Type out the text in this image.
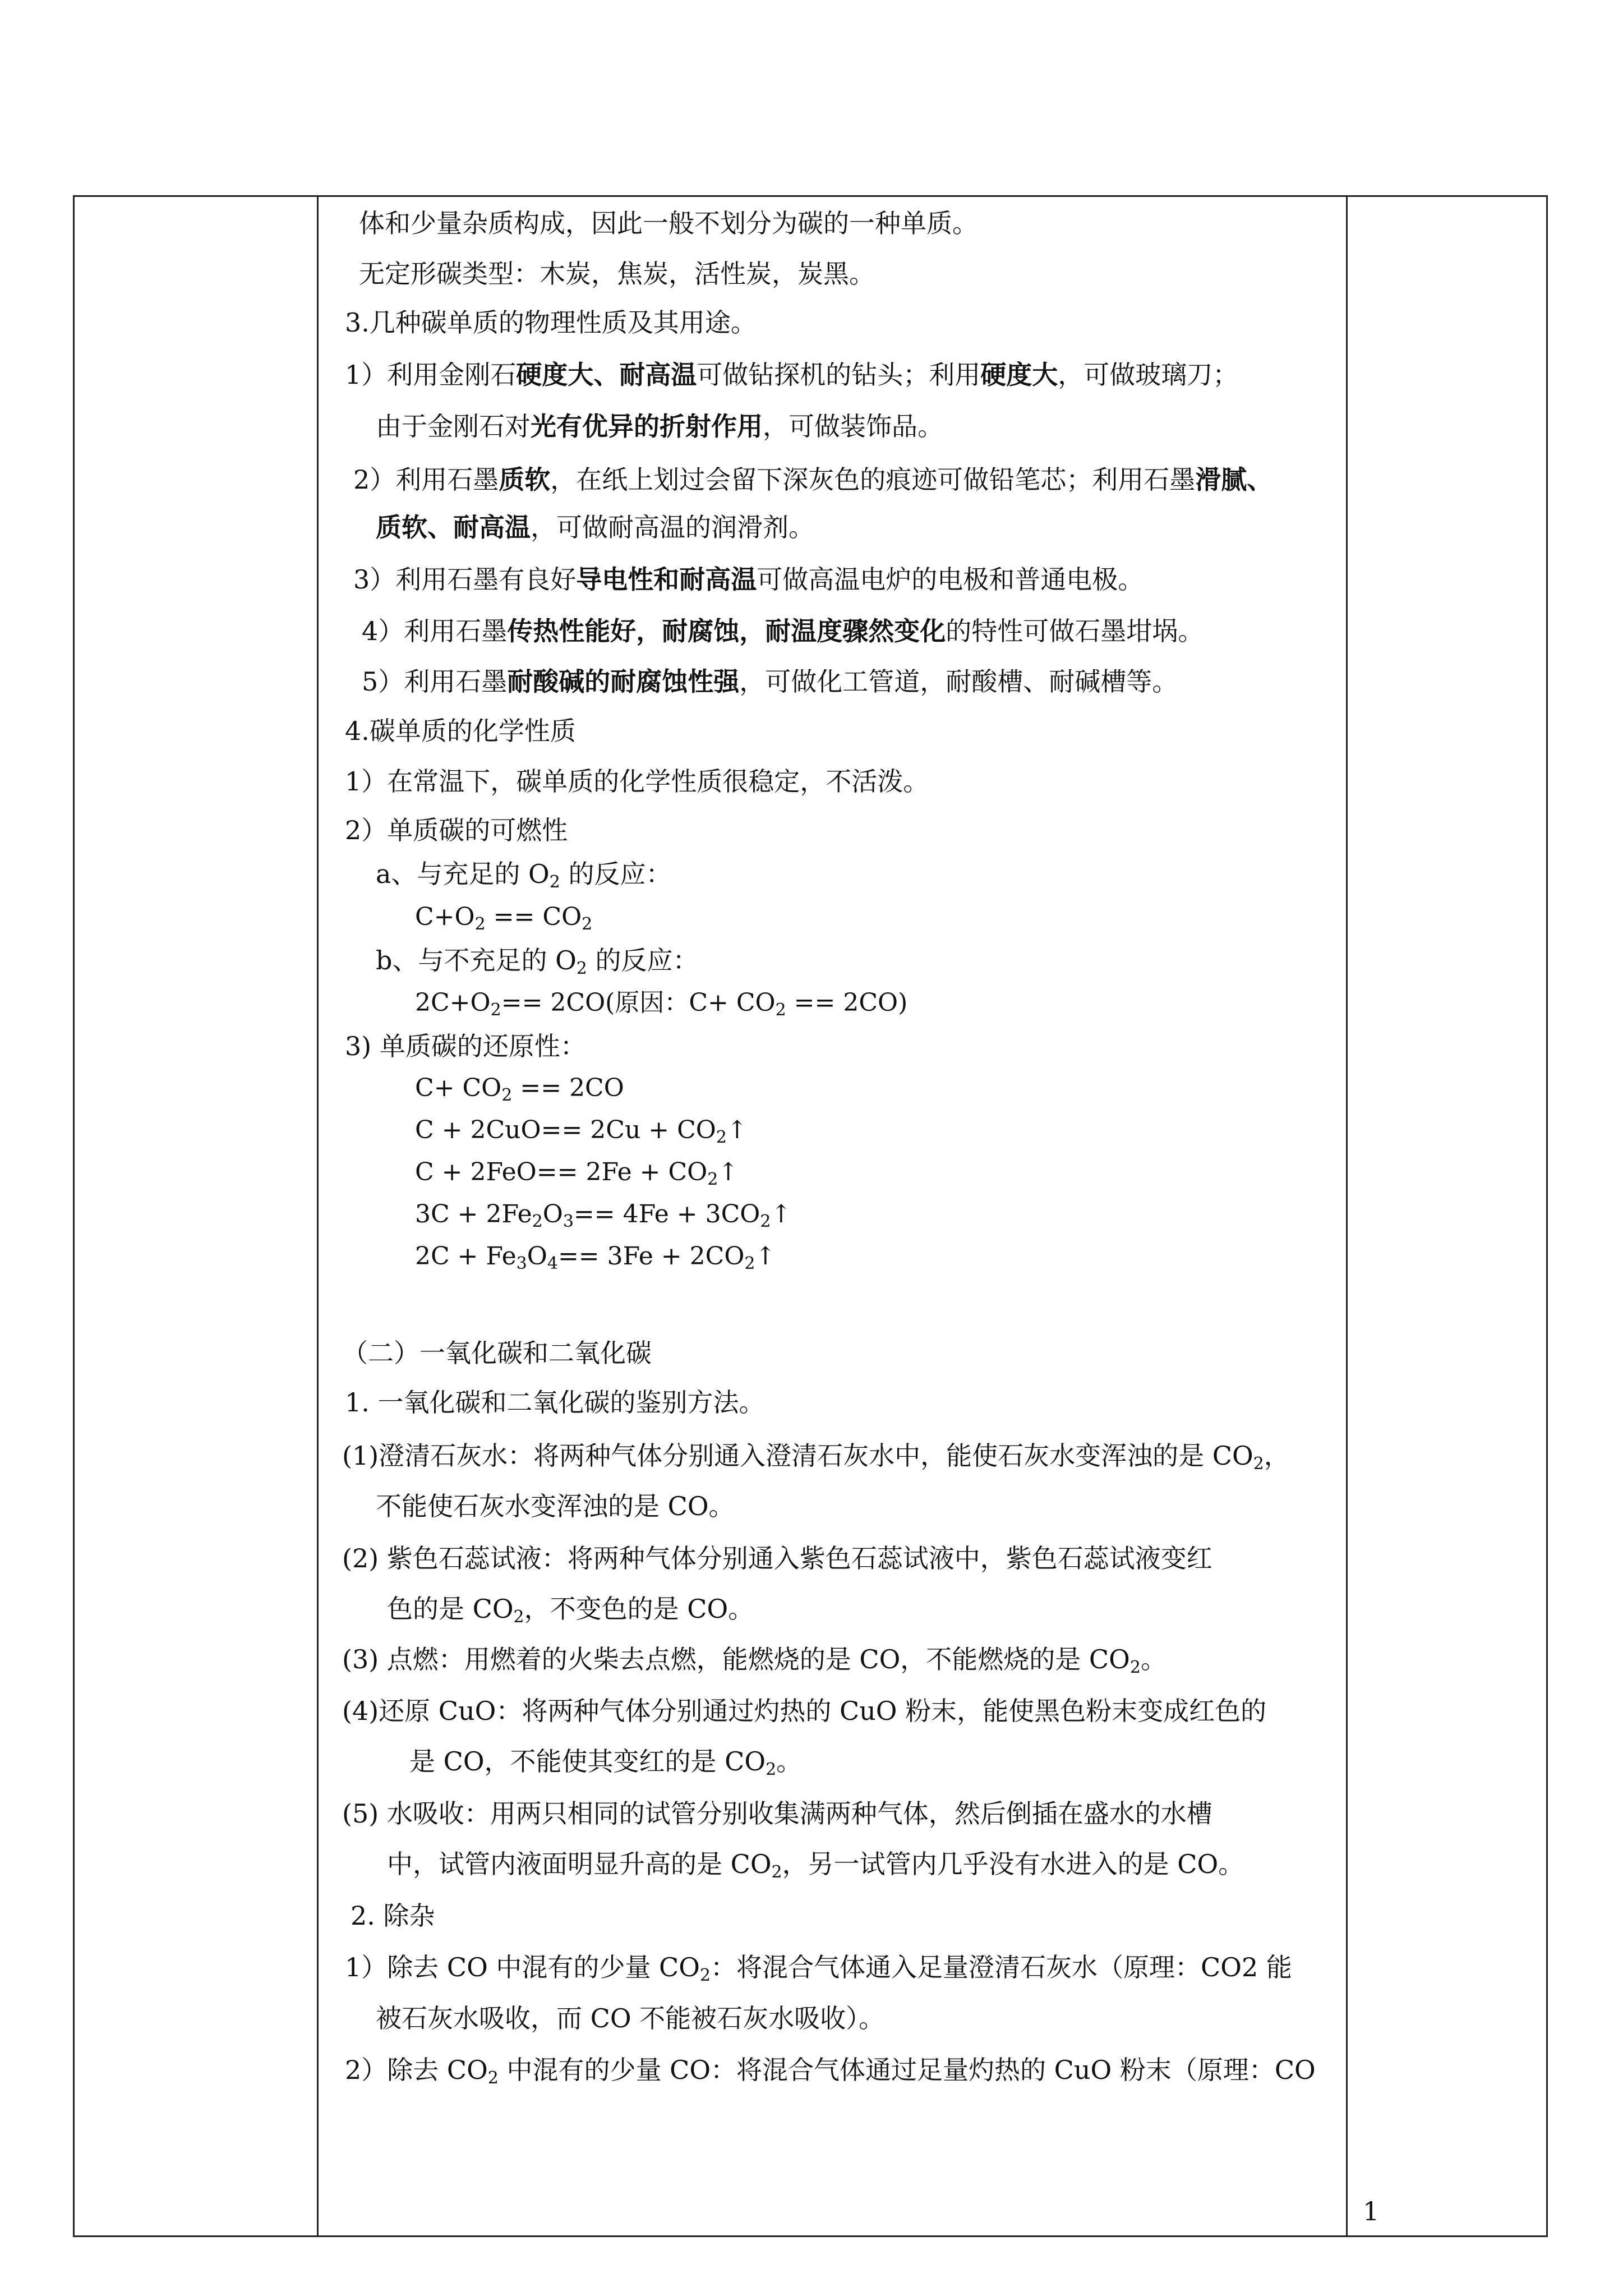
体和少量杂质构成，因此一般不划分为碳的一种单质。
无定形碳类型：木炭，焦炭，活性炭，炭黑。
3.几种碳单质的物理性质及其用途。
1）利用金刚石硬度大、耐高温可做钻探机的钻头；利用硬度大，可做玻璃刀；
由于金刚石对光有优异的折射作用，可做装饰品。
2）利用石墨质软，在纸上划过会留下深灰色的痕迹可做铅笔芯；利用石墨滑腻、
质软、耐高温，可做耐高温的润滑剂。
3）利用石墨有良好导电性和耐高温可做高温电炉的电极和普通电极。
4）利用石墨传热性能好，耐腐蚀，耐温度骤然变化的特性可做石墨坩埚。
5）利用石墨耐酸碱的耐腐蚀性强，可做化工管道，耐酸槽、耐碱槽等。
4.碳单质的化学性质
1）在常温下，碳单质的化学性质很稳定，不活泼。
2）单质碳的可燃性
a、与充足的 $O_2$ 的反应：
$C+O_2 == CO_2$
b、与不充足的 $O_2$ 的反应：
$2C+O_2== 2CO$(原因：$C+ CO_2 == 2CO$)
3) 单质碳的还原性：
$C+ CO_2 == 2CO$
$C + 2CuO== 2Cu + CO_2↑$
$C + 2FeO== 2Fe + CO_2↑$
$3C + 2Fe_2O_3== 4Fe$ + $3CO_2↑$
$2C + Fe_3O_4== 3Fe$ + $2CO_2↑$
（二）一氧化碳和二氧化碳
1. 一氧化碳和二氧化碳的鉴别方法。
(1)澄清石灰水：将两种气体分别通入澄清石灰水中，能使石灰水变浑浊的是 $CO_2$，
不能使石灰水变浑浊的是 CO。
(2) 紫色石蕊试液：将两种气体分别通入紫色石蕊试液中，紫色石蕊试液变红
色的是 $CO_2$，不变色的是 CO。
(3) 点燃：用燃着的火柴去点燃，能燃烧的是 CO，不能燃烧的是 $CO_2$。
(4)还原 CuO：将两种气体分别通过灼热的 CuO 粉末，能使黑色粉末变成红色的
是 CO，不能使其变红的是 $CO_2$。
(5) 水吸收：用两只相同的试管分别收集满两种气体，然后倒插在盛水的水槽
中，试管内液面明显升高的是 $CO_2$，另一试管内几乎没有水进入的是 CO。
2. 除杂
1）除去 CO 中混有的少量 $CO_2$：将混合气体通入足量澄清石灰水（原理：CO2 能
被石灰水吸收，而 CO 不能被石灰水吸收）。
2）除去 $CO_2$ 中混有的少量 CO：将混合气体通过足量灼热的 CuO 粉末（原理：CO
1
